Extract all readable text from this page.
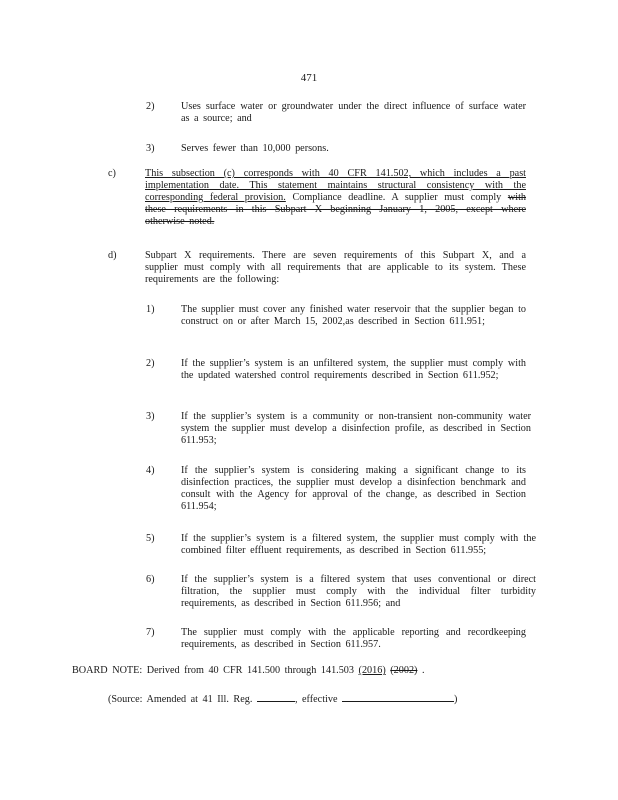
471
2)	Uses surface water or groundwater under the direct influence of surface water as a source; and
3)	Serves fewer than 10,000 persons.
c)	This subsection (c) corresponds with 40 CFR 141.502, which includes a past implementation date. This statement maintains structural consistency with the corresponding federal provision. Compliance deadline. A supplier must comply with these requirements in this Subpart X beginning January 1, 2005, except where otherwise noted.
d)	Subpart X requirements. There are seven requirements of this Subpart X, and a supplier must comply with all requirements that are applicable to its system. These requirements are the following:
1)	The supplier must cover any finished water reservoir that the supplier began to construct on or after March 15, 2002,as described in Section 611.951;
2)	If the supplier’s system is an unfiltered system, the supplier must comply with the updated watershed control requirements described in Section 611.952;
3)	If the supplier’s system is a community or non-transient non-community water system the supplier must develop a disinfection profile, as described in Section 611.953;
4)	If the supplier’s system is considering making a significant change to its disinfection practices, the supplier must develop a disinfection benchmark and consult with the Agency for approval of the change, as described in Section 611.954;
5)	If the supplier’s system is a filtered system, the supplier must comply with the combined filter effluent requirements, as described in Section 611.955;
6)	If the supplier’s system is a filtered system that uses conventional or direct filtration, the supplier must comply with the individual filter turbidity requirements, as described in Section 611.956; and
7)	The supplier must comply with the applicable reporting and recordkeeping requirements, as described in Section 611.957.
BOARD NOTE: Derived from 40 CFR 141.500 through 141.503 (2016) (2002) .
(Source: Amended at 41 Ill. Reg.	, effective	)
